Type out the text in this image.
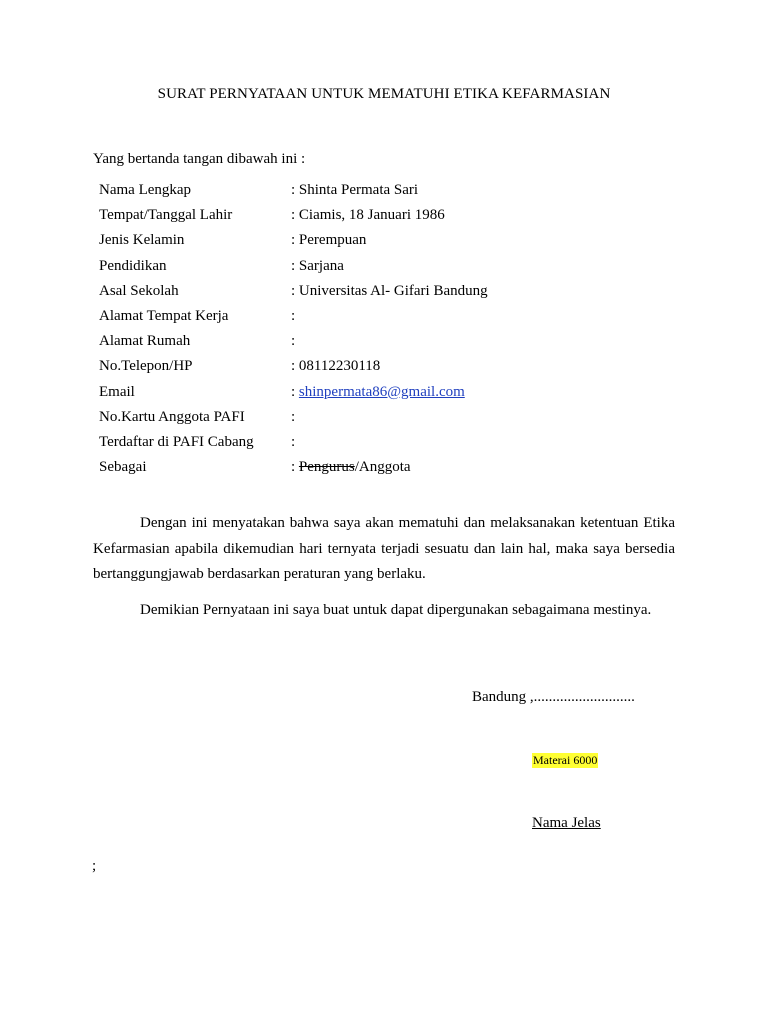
SURAT PERNYATAAN UNTUK MEMATUHI ETIKA KEFARMASIAN
Yang bertanda tangan dibawah ini :
Nama Lengkap	: Shinta Permata Sari
Tempat/Tanggal Lahir	: Ciamis, 18 Januari 1986
Jenis Kelamin	: Perempuan
Pendidikan	: Sarjana
Asal Sekolah	: Universitas Al- Gifari Bandung
Alamat Tempat Kerja	:
Alamat Rumah	:
No.Telepon/HP	: 08112230118
Email	: shinpermata86@gmail.com
No.Kartu Anggota PAFI	:
Terdaftar di PAFI Cabang :
Sebagai	: Pengurus/Anggota
Dengan ini menyatakan bahwa saya akan mematuhi dan melaksanakan ketentuan Etika Kefarmasian apabila dikemudian hari ternyata terjadi sesuatu dan lain hal, maka saya bersedia bertanggungjawab berdasarkan peraturan yang berlaku.
Demikian Pernyataan ini saya buat untuk dapat dipergunakan sebagaimana mestinya.
Bandung ,...........................
Materai 6000
Nama Jelas
;
